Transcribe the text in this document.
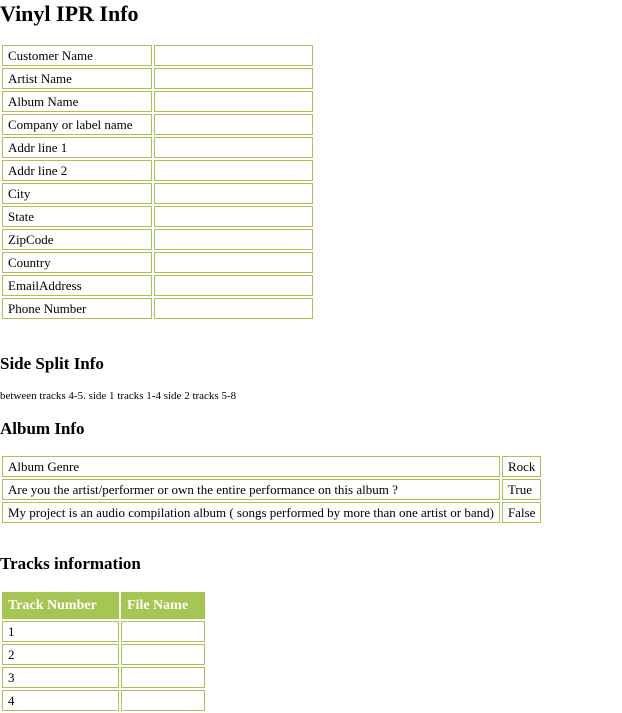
Vinyl IPR Info
Customer Name	
Artist Name	
Album Name	
Company or label name	
Addr line 1	
Addr line 2	
City	
State	
ZipCode	
Country	
EmailAddress	
Phone Number	
Side Split Info

between tracks 4-5. side 1 tracks 1-4 side 2 tracks 5-8

Album Info
Album Genre	Rock
Are you the artist/performer or own the entire performance on this album ?	True
My project is an audio compilation album ( songs performed by more than one artist or band)	False
Tracks information
Track Number	File Name
1	
2	
3	
4	
